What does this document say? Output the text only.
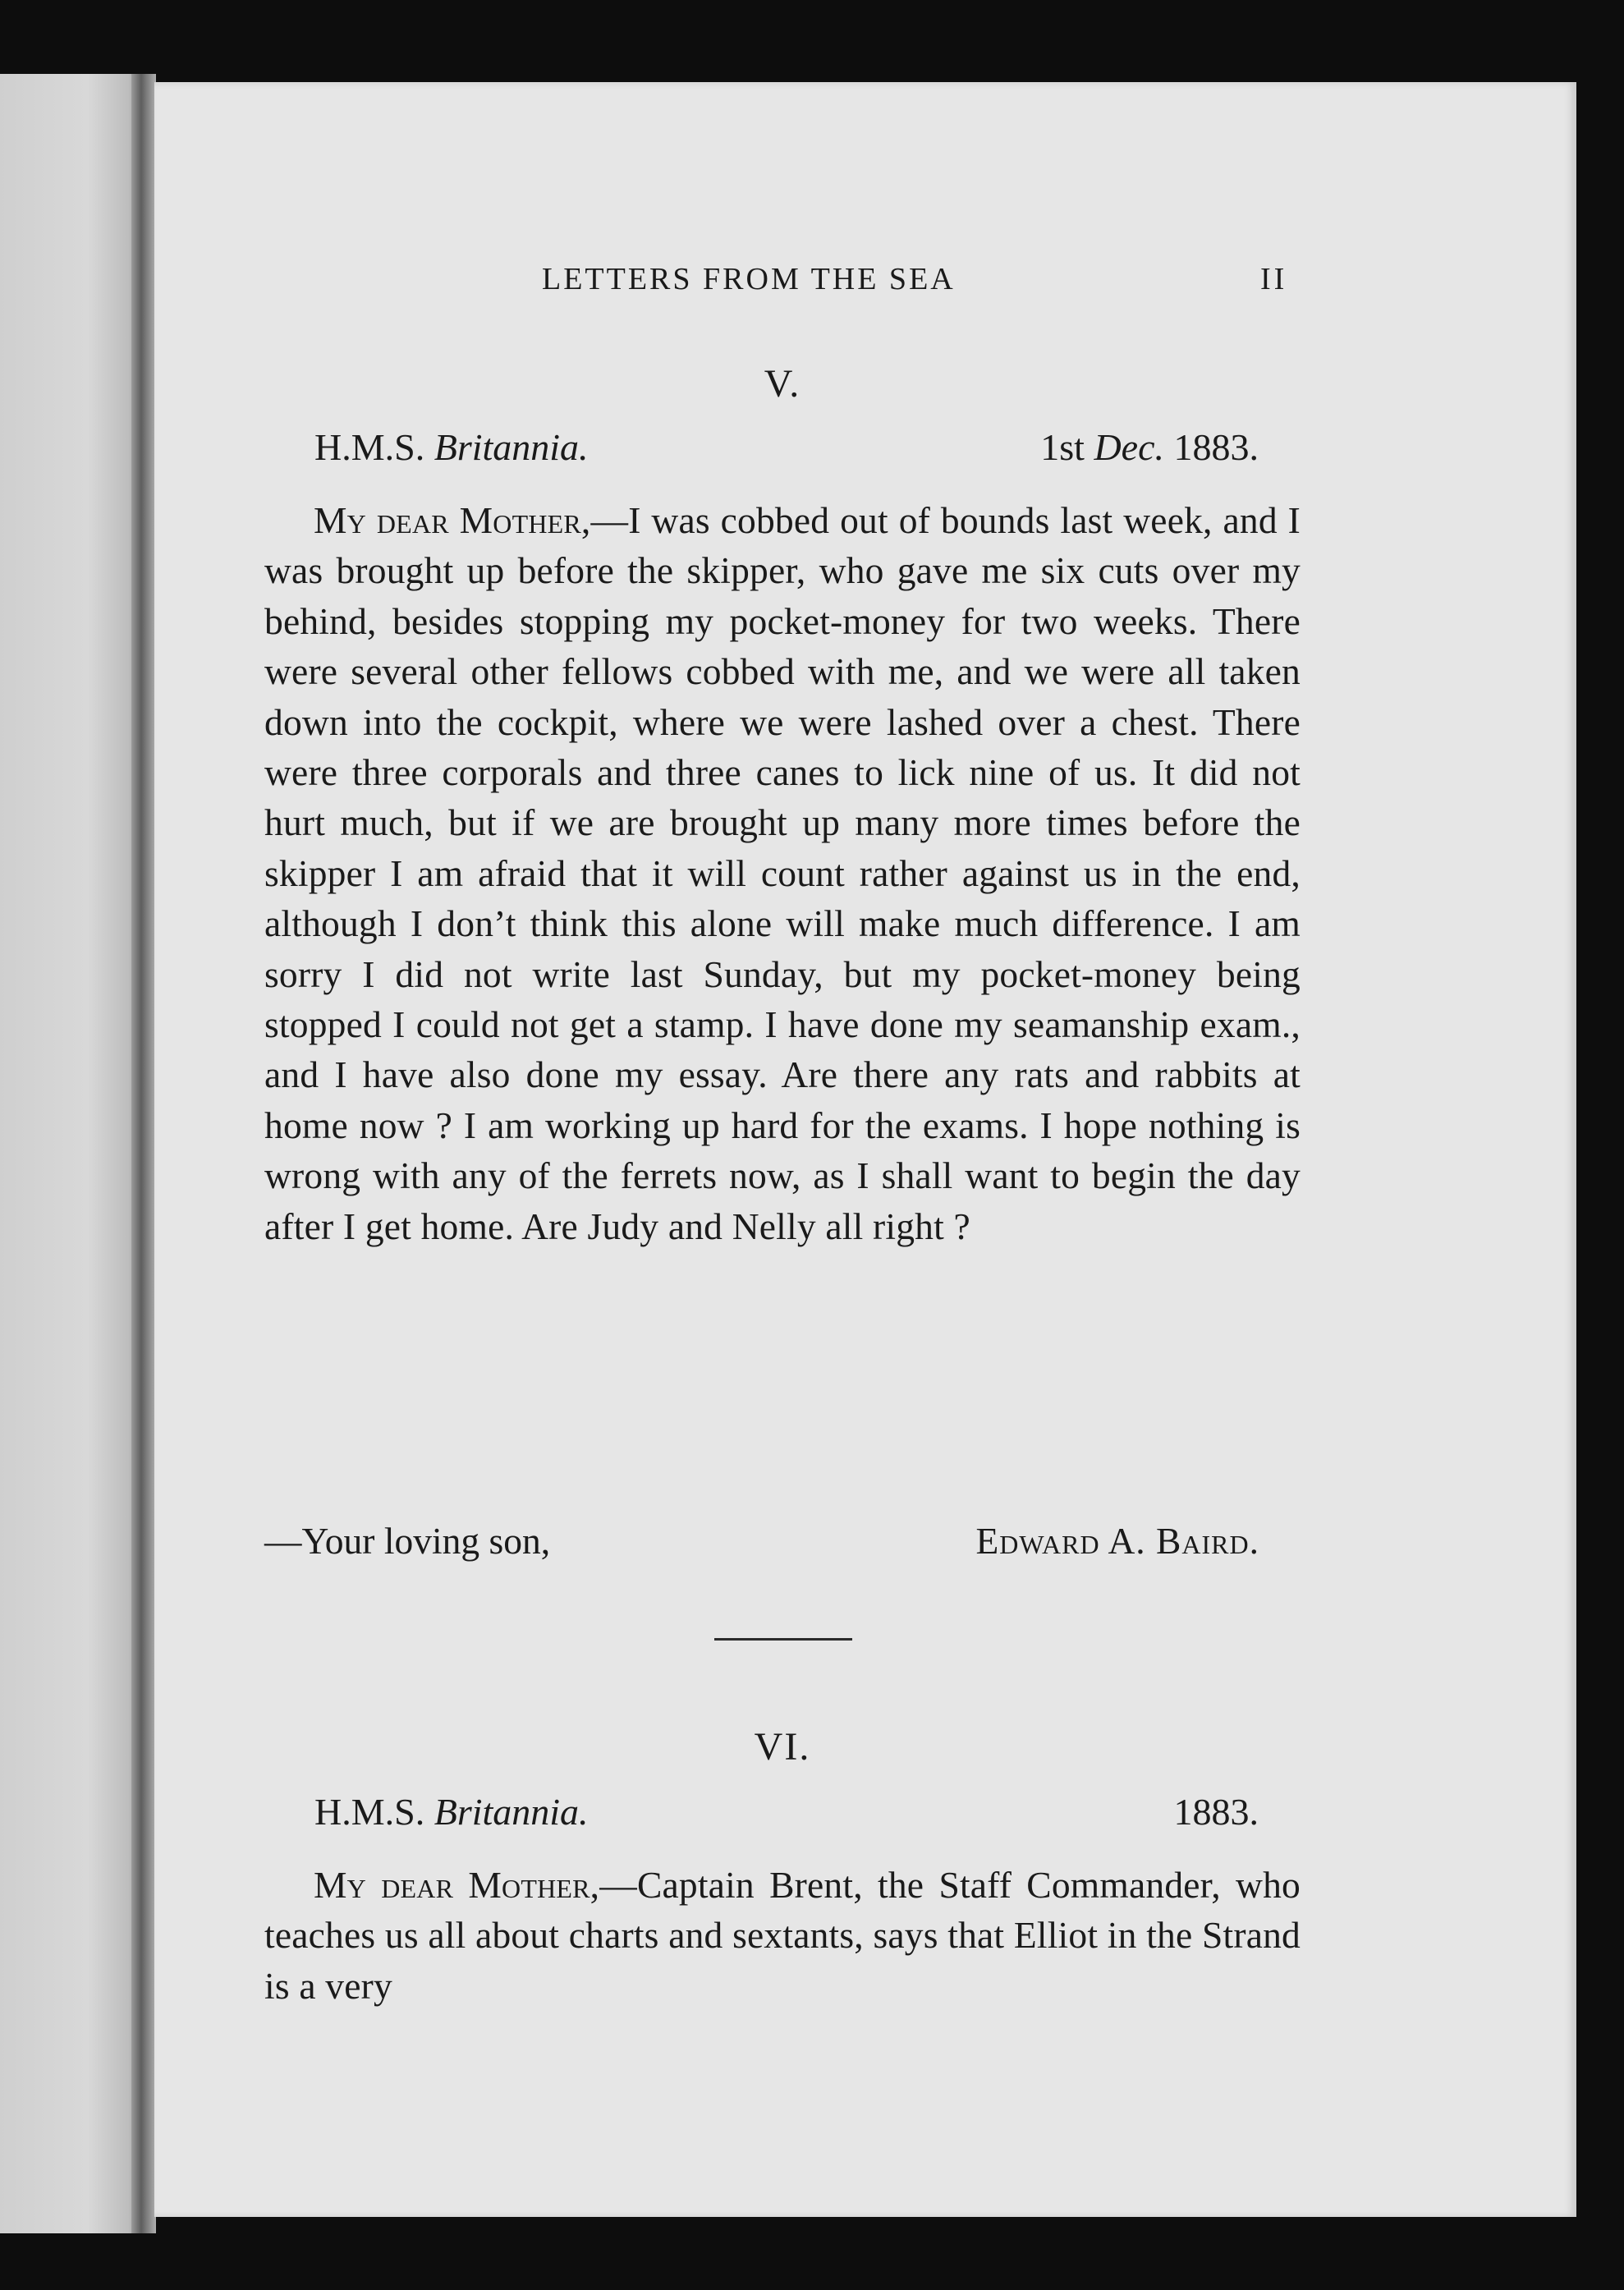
LETTERS FROM THE SEA	II
V.
H.M.S. Britannia.	1st Dec. 1883.

My dear Mother,—I was cobbed out of bounds last week, and I was brought up before the skipper, who gave me six cuts over my behind, besides stopping my pocket-money for two weeks. There were several other fellows cobbed with me, and we were all taken down into the cockpit, where we were lashed over a chest. There were three corporals and three canes to lick nine of us. It did not hurt much, but if we are brought up many more times before the skipper I am afraid that it will count rather against us in the end, although I don’t think this alone will make much difference. I am sorry I did not write last Sunday, but my pocket-money being stopped I could not get a stamp. I have done my seamanship exam., and I have also done my essay. Are there any rats and rabbits at home now ? I am working up hard for the exams. I hope nothing is wrong with any of the ferrets now, as I shall want to begin the day after I get home. Are Judy and Nelly all right ?

—Your loving son,	Edward A. Baird.
VI.
H.M.S. Britannia.	1883.

My dear Mother,—Captain Brent, the Staff Commander, who teaches us all about charts and sextants, says that Elliot in the Strand is a very
